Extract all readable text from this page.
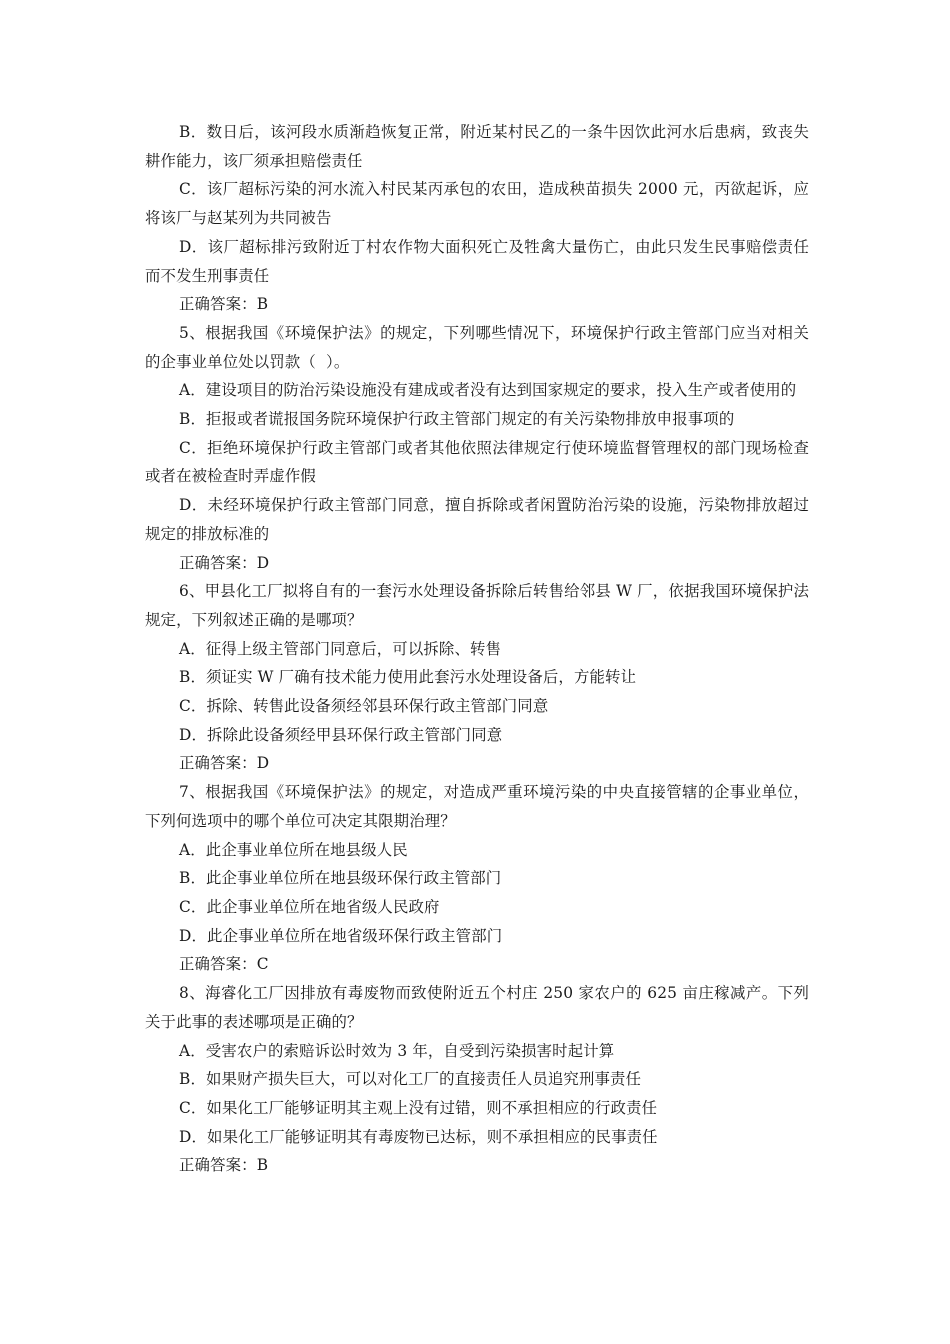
B．数日后，该河段水质渐趋恢复正常，附近某村民乙的一条牛因饮此河水后患病，致丧失耕作能力，该厂须承担赔偿责任

C．该厂超标污染的河水流入村民某丙承包的农田，造成秧苗损失 2000 元，丙欲起诉，应将该厂与赵某列为共同被告

D．该厂超标排污致附近丁村农作物大面积死亡及牲禽大量伤亡，由此只发生民事赔偿责任而不发生刑事责任

正确答案：B

5、根据我国《环境保护法》的规定，下列哪些情况下，环境保护行政主管部门应当对相关的企事业单位处以罚款（  ）。

A．建设项目的防治污染设施没有建成或者没有达到国家规定的要求，投入生产或者使用的

B．拒报或者谎报国务院环境保护行政主管部门规定的有关污染物排放申报事项的

C．拒绝环境保护行政主管部门或者其他依照法律规定行使环境监督管理权的部门现场检查或者在被检查时弄虚作假

D．未经环境保护行政主管部门同意，擅自拆除或者闲置防治污染的设施，污染物排放超过规定的排放标准的

正确答案：D

6、甲县化工厂拟将自有的一套污水处理设备拆除后转售给邻县 W 厂，依据我国环境保护法规定，下列叙述正确的是哪项？

A．征得上级主管部门同意后，可以拆除、转售

B．须证实 W 厂确有技术能力使用此套污水处理设备后，方能转让

C．拆除、转售此设备须经邻县环保行政主管部门同意

D．拆除此设备须经甲县环保行政主管部门同意

正确答案：D

7、根据我国《环境保护法》的规定，对造成严重环境污染的中央直接管辖的企事业单位，下列何选项中的哪个单位可决定其限期治理？

A．此企事业单位所在地县级人民

B．此企事业单位所在地县级环保行政主管部门

C．此企事业单位所在地省级人民政府

D．此企事业单位所在地省级环保行政主管部门

正确答案：C

8、海睿化工厂因排放有毒废物而致使附近五个村庄 250 家农户的 625 亩庄稼减产。下列关于此事的表述哪项是正确的？

A．受害农户的索赔诉讼时效为 3 年，自受到污染损害时起计算

B．如果财产损失巨大，可以对化工厂的直接责任人员追究刑事责任

C．如果化工厂能够证明其主观上没有过错，则不承担相应的行政责任

D．如果化工厂能够证明其有毒废物已达标，则不承担相应的民事责任

正确答案：B
